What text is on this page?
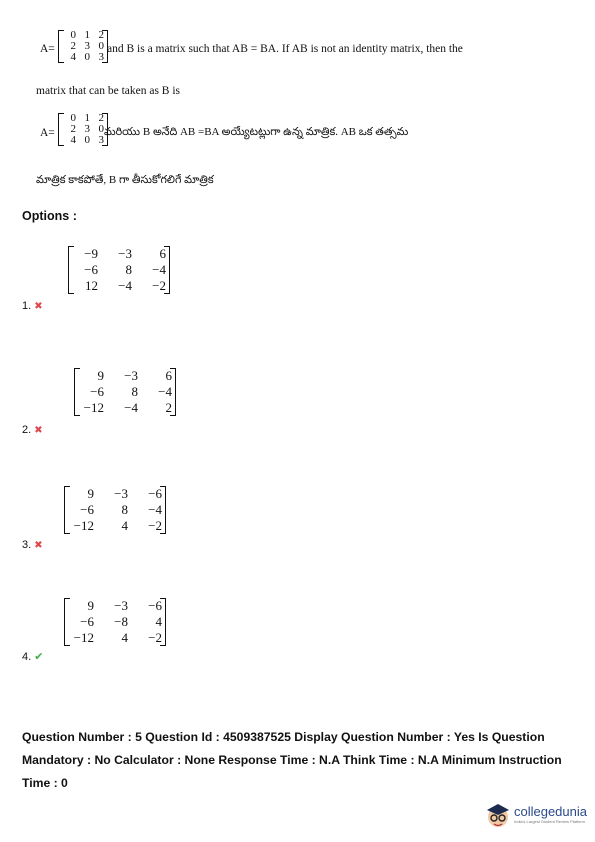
A=
0	1	2
2	3	0
4	0	3
and B is a matrix such that AB = BA. If AB is not an identity matrix, then the
matrix that can be taken as B is
A=
0	1	2
2	3	0
4	0	3
మరియు B అనేది AB =BA అయ్యేటట్లుగా ఉన్న మాత్రిక. AB ఒక తత్సమ
మాత్రిక కాకపోతే, B గా తీసుకోగలిగే మాత్రిక
Options :
−9	−3	6
−6	8	−4
12	−4	−2
1. ✖
9	−3	6
−6	8	−4
−12	−4	2
2. ✖
9	−3	−6
−6	8	−4
−12	4	−2
3. ✖
9	−3	−6
−6	−8	4
−12	4	−2
4. ✔
Question Number : 5 Question Id : 4509387525 Display Question Number : Yes Is Question
Mandatory : No Calculator : None Response Time : N.A Think Time : N.A Minimum Instruction
Time : 0
collegedunia
India's Largest Student Review Platform
